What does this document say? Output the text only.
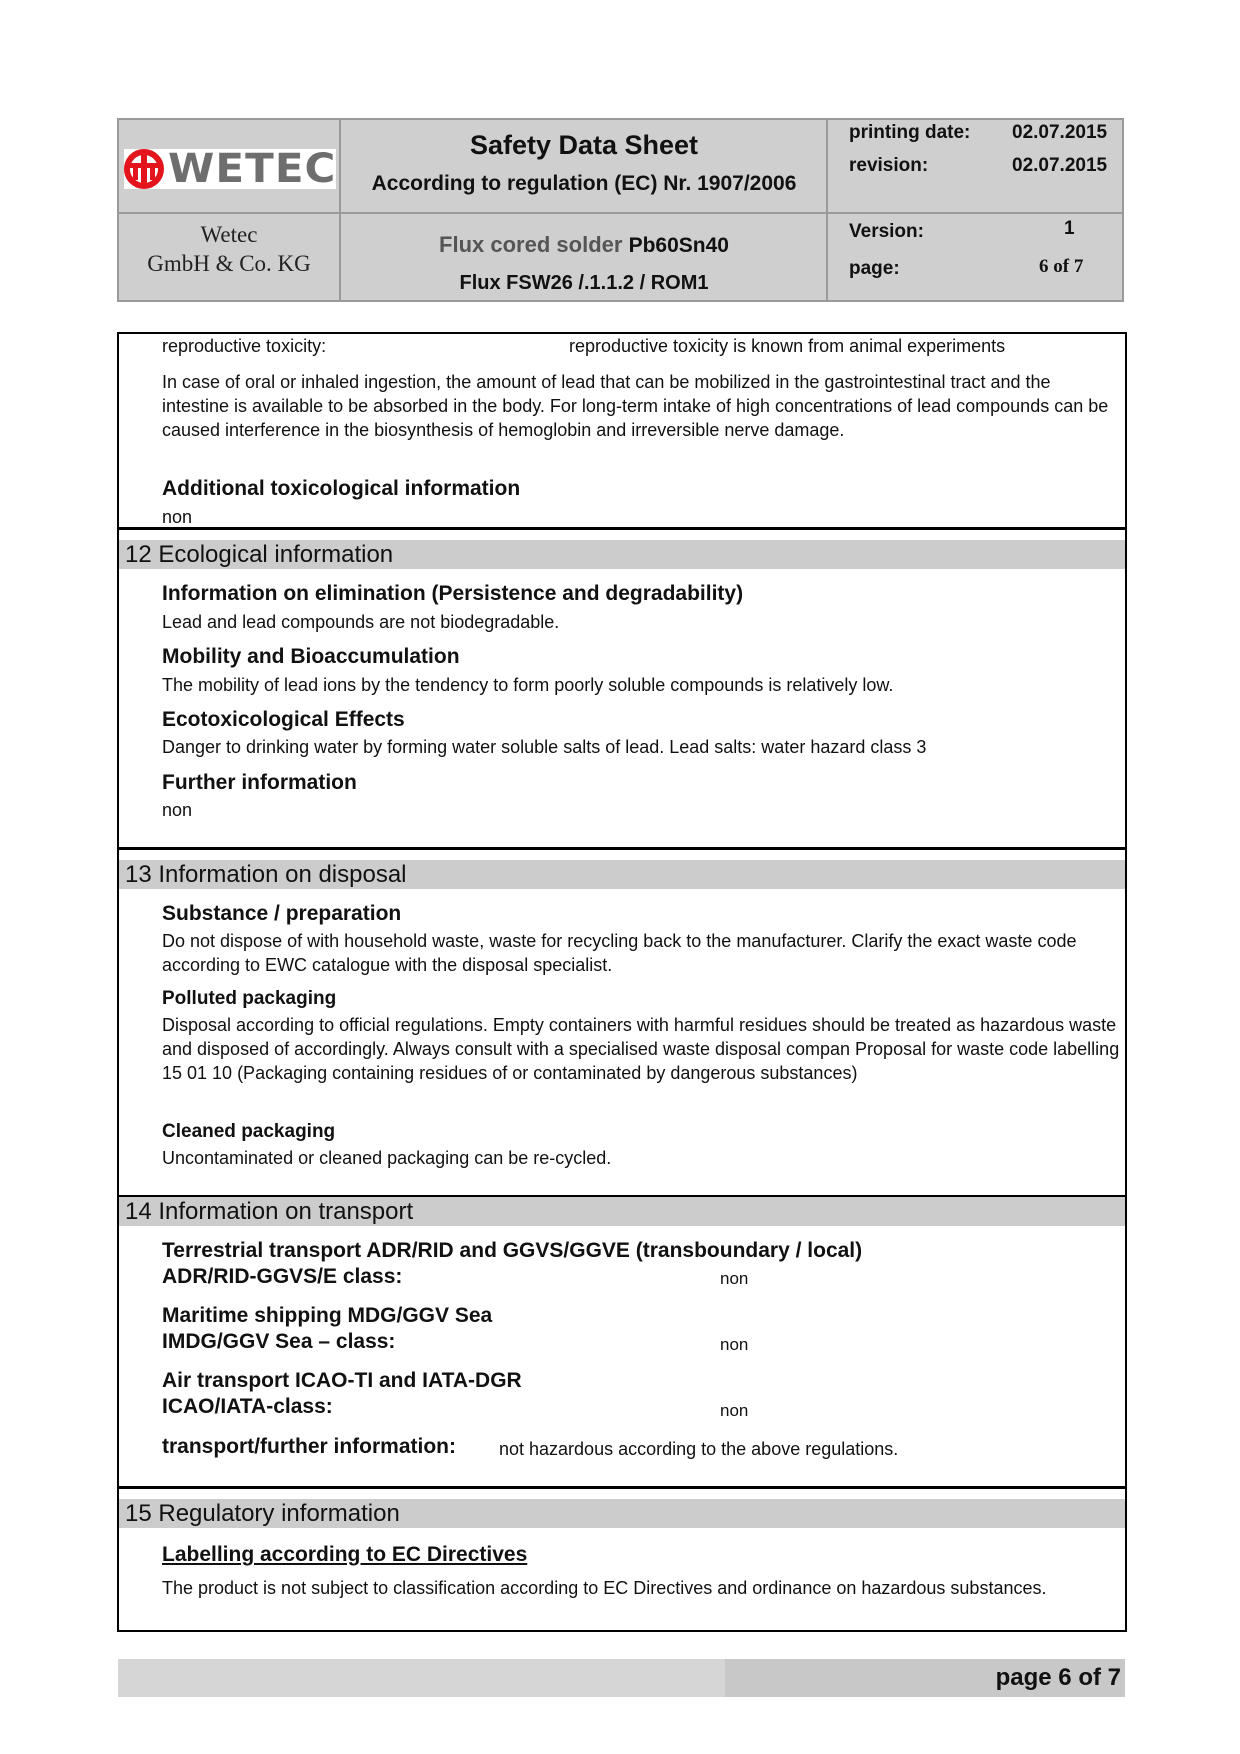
WETEC
Wetec
GmbH & Co. KG
Safety Data Sheet
According to regulation (EC) Nr. 1907/2006
Flux cored solder Pb60Sn40
Flux FSW26 /.1.1.2 / ROM1
printing date: 02.07.2015
revision:	02.07.2015
Version:	1
page:	6 of 7
reproductive toxicity:	reproductive toxicity is known from animal experiments
In case of oral or inhaled ingestion, the amount of lead that can be mobilized in the gastrointestinal tract and the intestine is available to be absorbed in the body. For long-term intake of high concentrations of lead compounds can be caused interference in the biosynthesis of hemoglobin and irreversible nerve damage.
Additional toxicological information
non
12 Ecological information
Information on elimination (Persistence and degradability)
Lead and lead compounds are not biodegradable.
Mobility and Bioaccumulation
The mobility of lead ions by the tendency to form poorly soluble compounds is relatively low.
Ecotoxicological Effects
Danger to drinking water by forming water soluble salts of lead. Lead salts: water hazard class 3
Further information
non
13 Information on disposal
Substance / preparation
Do not dispose of with household waste, waste for recycling back to the manufacturer. Clarify the exact waste code according to EWC catalogue with the disposal specialist.
Polluted packaging
Disposal according to official regulations. Empty containers with harmful residues should be treated as hazardous waste and disposed of accordingly. Always consult with a specialised waste disposal compan Proposal for waste code labelling 15 01 10 (Packaging containing residues of or contaminated by dangerous substances)
Cleaned packaging
Uncontaminated or cleaned packaging can be re-cycled.
14 Information on transport
Terrestrial transport ADR/RID and GGVS/GGVE (transboundary / local)
ADR/RID-GGVS/E class:	non
Maritime shipping MDG/GGV Sea
IMDG/GGV Sea – class:	non
Air transport ICAO-TI and IATA-DGR
ICAO/IATA-class:	non
transport/further information: not hazardous according to the above regulations.
15 Regulatory information
Labelling according to EC Directives
The product is not subject to classification according to EC Directives and ordinance on hazardous substances.
page 6 of 7
